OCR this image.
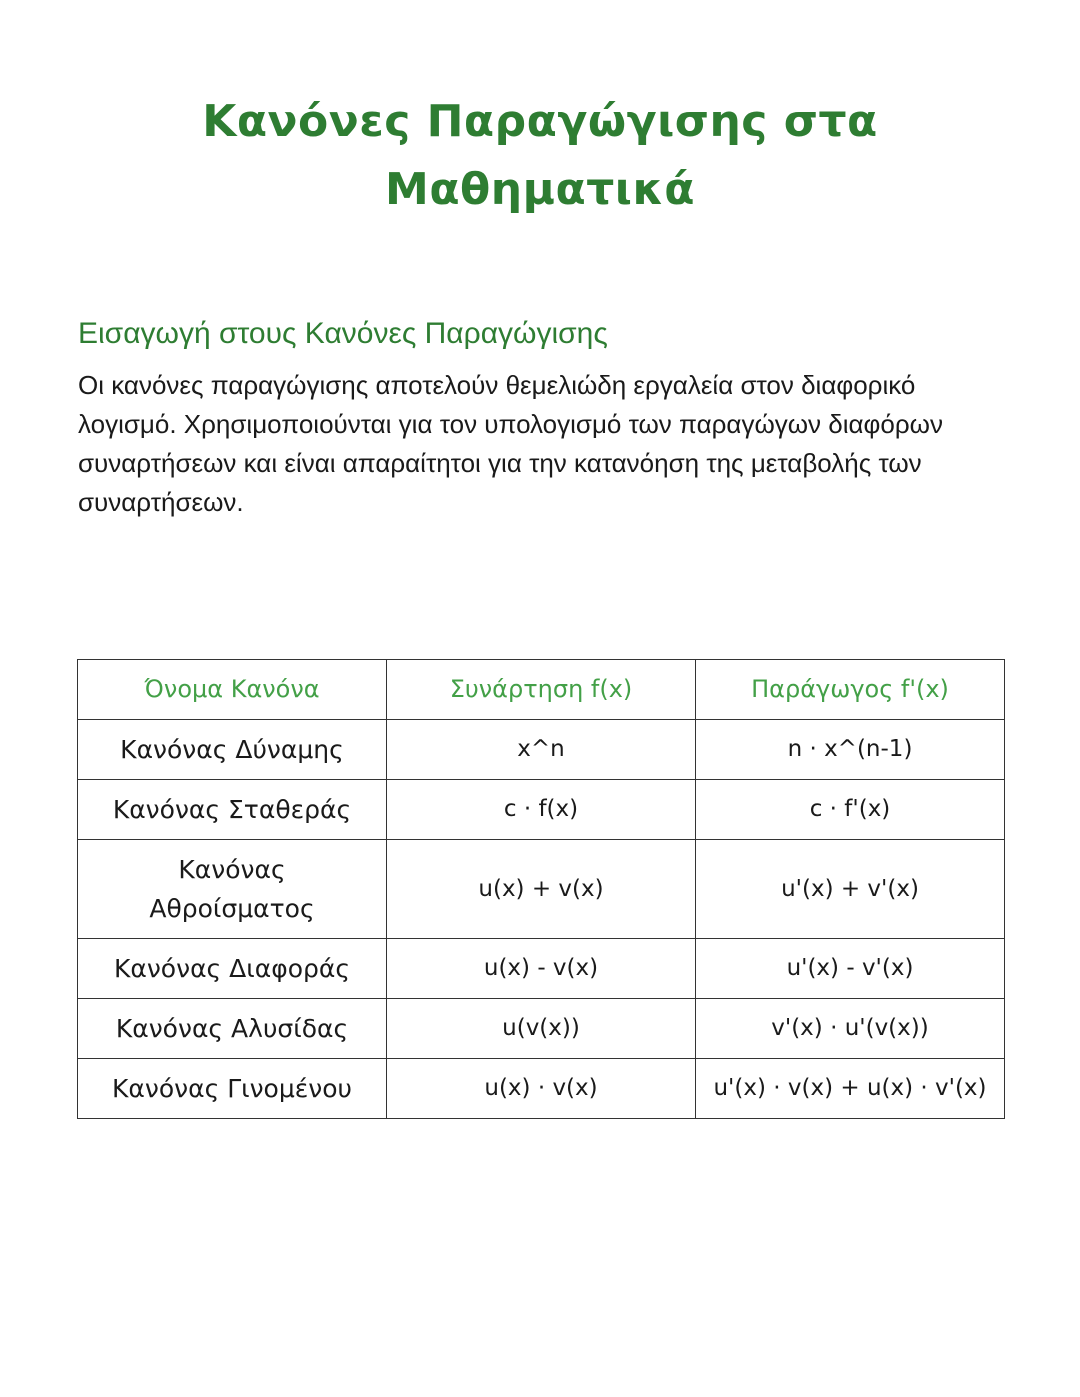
Κανόνες Παραγώγισης στα
Μαθηματικά
Εισαγωγή στους Κανόνες Παραγώγισης

Οι κανόνες παραγώγισης αποτελούν θεμελιώδη εργαλεία στον διαφορικό λογισμό. Χρησιμοποιούνται για τον υπολογισμό των παραγώγων διαφόρων συναρτήσεων και είναι απαραίτητοι για την κατανόηση της μεταβολής των συναρτήσεων.

Όνομα Κανόνα	Συνάρτηση f(x)	Παράγωγος f'(x)
Κανόνας Δύναμης	x^n	n · x^(n-1)
Κανόνας Σταθεράς	c · f(x)	c · f'(x)
Κανόνας
Αθροίσματος	u(x) + v(x)	u'(x) + v'(x)
Κανόνας Διαφοράς	u(x) - v(x)	u'(x) - v'(x)
Κανόνας Αλυσίδας	u(v(x))	v'(x) · u'(v(x))
Κανόνας Γινομένου	u(x) · v(x)	u'(x) · v(x) + u(x) · v'(x)
